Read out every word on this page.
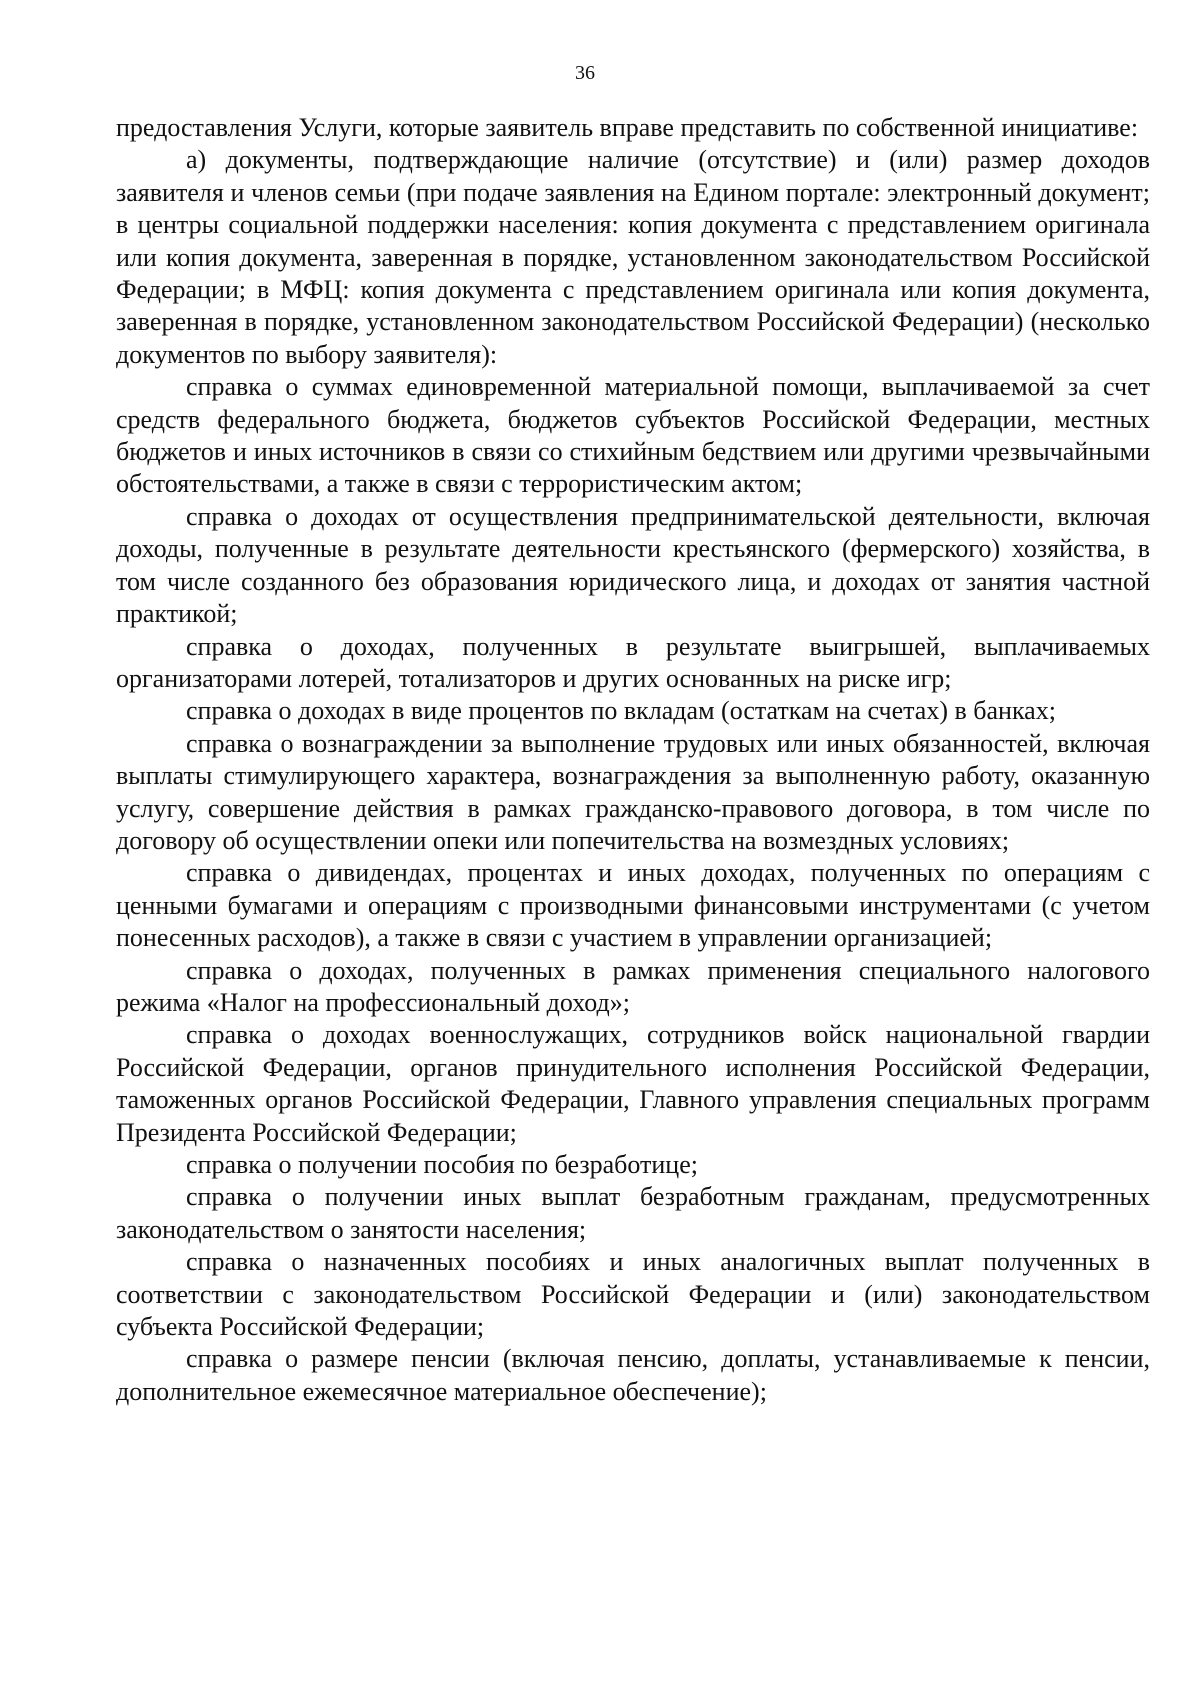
36

предоставления Услуги, которые заявитель вправе представить по собственной инициативе:

а) документы, подтверждающие наличие (отсутствие) и (или) размер доходов заявителя и членов семьи (при подаче заявления на Едином портале: электронный документ; в центры социальной поддержки населения: копия документа с представлением оригинала или копия документа, заверенная в порядке, установленном законодательством Российской Федерации; в МФЦ: копия документа с представлением оригинала или копия документа, заверенная в порядке, установленном законодательством Российской Федерации) (несколько документов по выбору заявителя):

справка о суммах единовременной материальной помощи, выплачиваемой за счет средств федерального бюджета, бюджетов субъектов Российской Федерации, местных бюджетов и иных источников в связи со стихийным бедствием или другими чрезвычайными обстоятельствами, а также в связи с террористическим актом;

справка о доходах от осуществления предпринимательской деятельности, включая доходы, полученные в результате деятельности крестьянского (фермерского) хозяйства, в том числе созданного без образования юридического лица, и доходах от занятия частной практикой;

справка о доходах, полученных в результате выигрышей, выплачиваемых организаторами лотерей, тотализаторов и других основанных на риске игр;

справка о доходах в виде процентов по вкладам (остаткам на счетах) в банках;

справка о вознаграждении за выполнение трудовых или иных обязанностей, включая выплаты стимулирующего характера, вознаграждения за выполненную работу, оказанную услугу, совершение действия в рамках гражданско-правового договора, в том числе по договору об осуществлении опеки или попечительства на возмездных условиях;

справка о дивидендах, процентах и иных доходах, полученных по операциям с ценными бумагами и операциям с производными финансовыми инструментами (с учетом понесенных расходов), а также в связи с участием в управлении организацией;

справка о доходах, полученных в рамках применения специального налогового режима «Налог на профессиональный доход»;

справка о доходах военнослужащих, сотрудников войск национальной гвардии Российской Федерации, органов принудительного исполнения Российской Федерации, таможенных органов Российской Федерации, Главного управления специальных программ Президента Российской Федерации;

справка о получении пособия по безработице;

справка о получении иных выплат безработным гражданам, предусмотренных законодательством о занятости населения;

справка о назначенных пособиях и иных аналогичных выплат полученных в соответствии с законодательством Российской Федерации и (или) законодательством субъекта Российской Федерации;

справка о размере пенсии (включая пенсию, доплаты, устанавливаемые к пенсии, дополнительное ежемесячное материальное обеспечение);
